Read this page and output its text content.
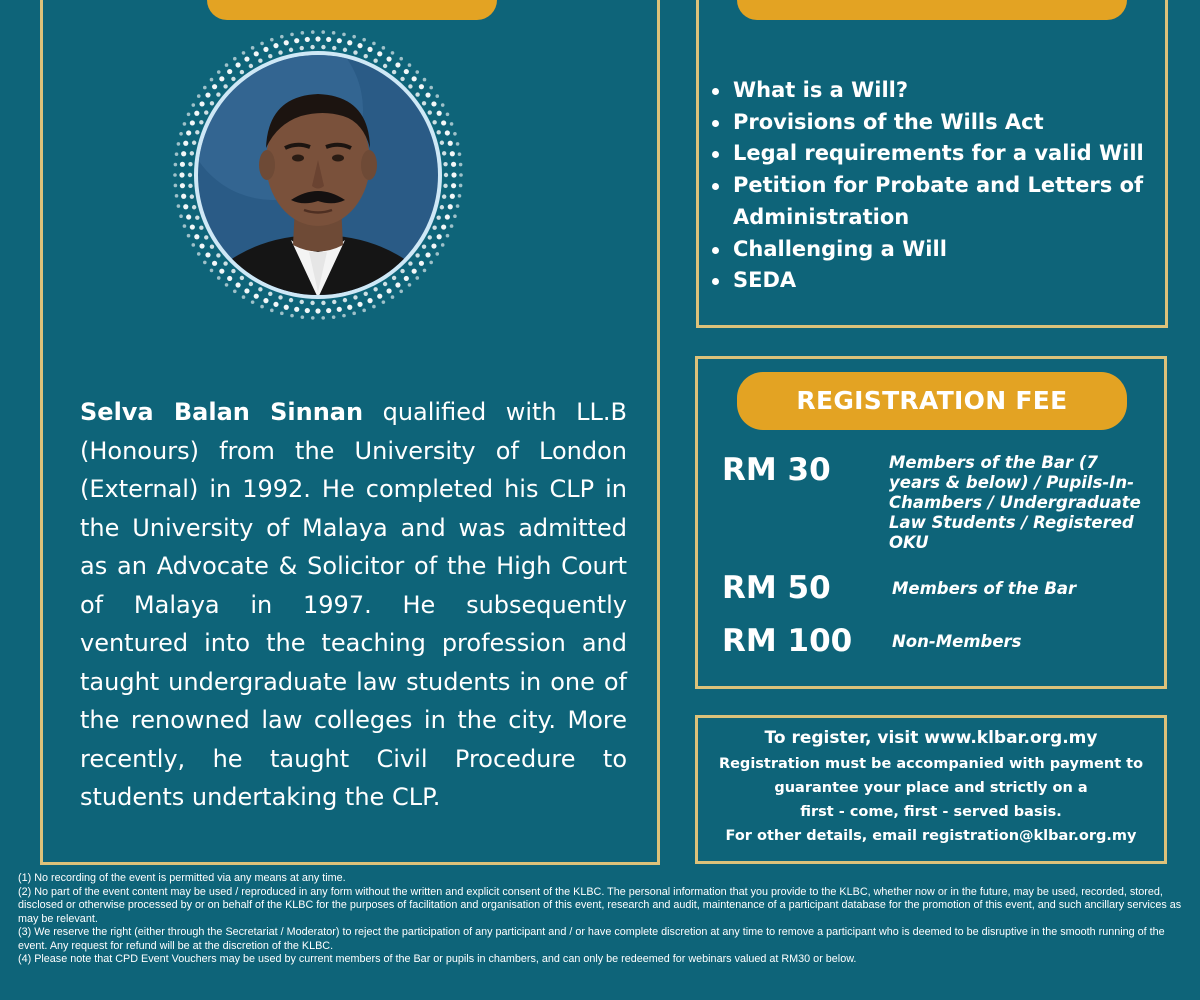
Selva Balan Sinnan qualified with LL.B (Honours) from the University of London (External) in 1992. He completed his CLP in the University of Malaya and was admitted as an Advocate & Solicitor of the High Court of Malaya in 1997. He subsequently ventured into the teaching profession and taught undergraduate law students in one of the renowned law colleges in the city. More recently, he taught Civil Procedure to students undertaking the CLP.

What is a Will?
Provisions of the Wills Act
Legal requirements for a valid Will
Petition for Probate and Letters of Administration
Challenging a Will
SEDA
REGISTRATION FEE
RM 30	Members of the Bar (7 years & below) / Pupils-In-Chambers / Undergraduate Law Students / Registered OKU
RM 50	Members of the Bar
RM 100 Non-Members
To register, visit www.klbar.org.my
Registration must be accompanied with payment to
guarantee your place and strictly on a
first - come, first - served basis.
For other details, email registration@klbar.org.my

(1) No recording of the event is permitted via any means at any time.

(2) No part of the event content may be used / reproduced in any form without the written and explicit consent of the KLBC. The personal information that you provide to the KLBC, whether now or in the future, may be used, recorded, stored, disclosed or otherwise processed by or on behalf of the KLBC for the purposes of facilitation and organisation of this event, research and audit, maintenance of a participant database for the promotion of this event, and such ancillary services as may be relevant.

(3) We reserve the right (either through the Secretariat / Moderator) to reject the participation of any participant and / or have complete discretion at any time to remove a participant who is deemed to be disruptive in the smooth running of the event. Any request for refund will be at the discretion of the KLBC.

(4) Please note that CPD Event Vouchers may be used by current members of the Bar or pupils in chambers, and can only be redeemed for webinars valued at RM30 or below.
